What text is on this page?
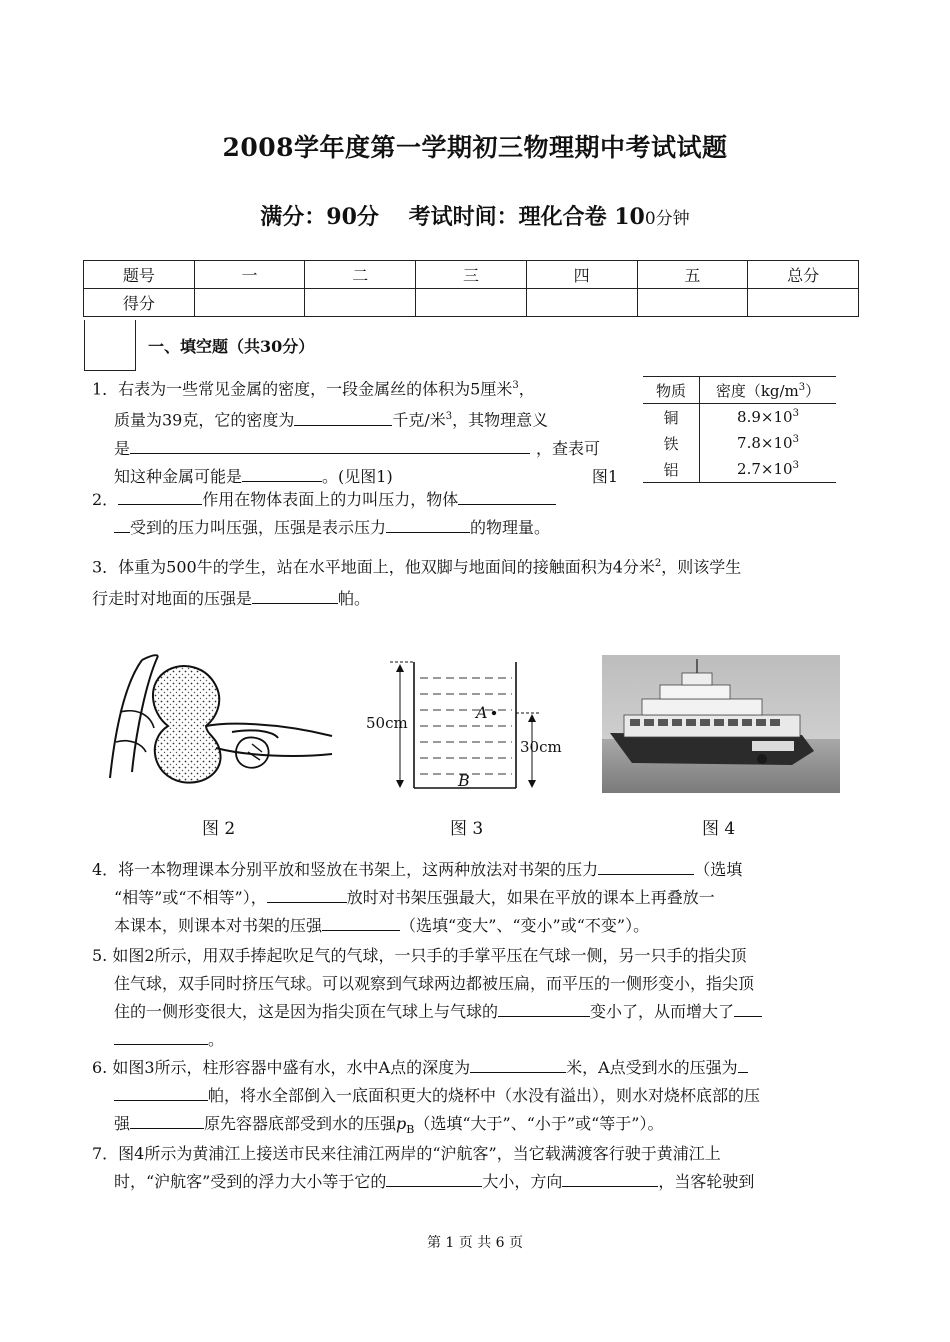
2008学年度第一学期初三物理期中考试试题
满分：90分　 考试时间：理化合卷 100分钟
题号	一	二	三	四	五	总分
得分						
一、填空题（共30分）

1．右表为一些常见金属的密度，一段金属丝的体积为5厘米$^3$，

质量为39克，它的密度为	千克/米$^3$，其物理意义

是	，查表可

知这种金属可能是	。(见图1)	图1

物质	密度$(kg/m^3)$
铜	$8.9\times 10^3$
铁	$7.8\times 10^3$
铝	$2.7\times 10^3$

2．	作用在物体表面上的力叫压力，物体

受到的压力叫压强，压强是表示压力	的物理量。

3．体重为500牛的学生，站在水平地面上，他双脚与地面间的接触面积为4分米$^2$，则该学生

行走时对地面的压强是	帕。

50cm
30cm
A
B
图 2	图 3	图 4

4．将一本物理课本分别平放和竖放在书架上，这两种放法对书架的压力	（选填

“相等”或“不相等”），	放时对书架压强最大，如果在平放的课本上再叠放一

本课本，则课本对书架的压强	（选填“变大”、“变小”或“不变”）。

5. 如图2所示，用双手捧起吹足气的气球，一只手的手掌平压在气球一侧，另一只手的指尖顶

住气球，双手同时挤压气球。可以观察到气球两边都被压扁，而平压的一侧形变小，指尖顶

住的一侧形变很大，这是因为指尖顶在气球上与气球的	变小了，从而增大了

。

6. 如图3所示，柱形容器中盛有水，水中A点的深度为	米，A点受到水的压强为

帕，将水全部倒入一底面积更大的烧杯中（水没有溢出），则水对烧杯底部的压

强	原先容器底部受到水的压强$p_B$（选填“大于”、“小于”或“等于”）。

7．图4所示为黄浦江上接送市民来往浦江两岸的“沪航客”，当它载满渡客行驶于黄浦江上

时，“沪航客”受到的浮力大小等于它的	大小，方向	，当客轮驶到

第 1 页 共 6 页
